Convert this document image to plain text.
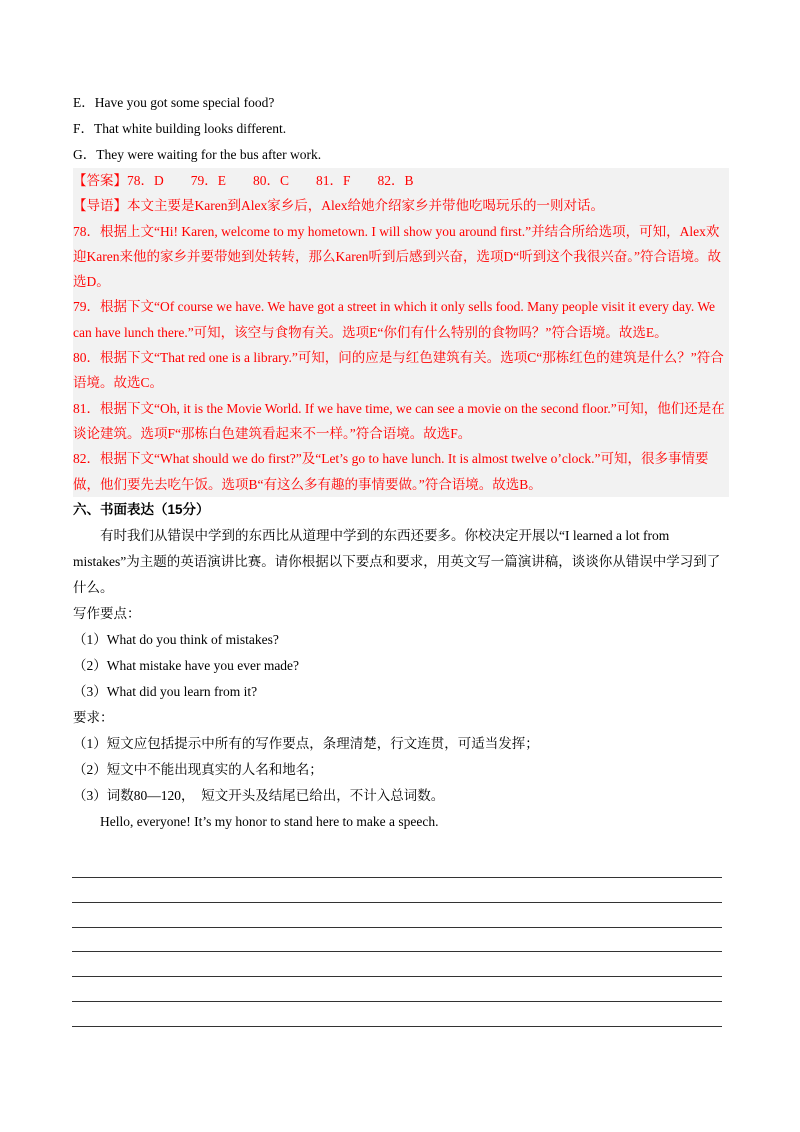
E．Have you got some special food?

F．That white building looks different.

G．They were waiting for the bus after work.

【答案】78．D　　79．E　　80．C　　81．F　　82．B

【导语】本文主要是Karen到Alex家乡后，Alex给她介绍家乡并带他吃喝玩乐的一则对话。

78．根据上文“Hi! Karen, welcome to my hometown. I will show you around first.”并结合所给选项，可知，Alex欢迎Karen来他的家乡并要带她到处转转，那么Karen听到后感到兴奋，选项D“听到这个我很兴奋。”符合语境。故选D。

79．根据下文“Of course we have. We have got a street in which it only sells food. Many people visit it every day. We can have lunch there.”可知，该空与食物有关。选项E“你们有什么特别的食物吗？”符合语境。故选E。

80．根据下文“That red one is a library.”可知，问的应是与红色建筑有关。选项C“那栋红色的建筑是什么？”符合语境。故选C。

81．根据下文“Oh, it is the Movie World. If we have time, we can see a movie on the second floor.”可知，他们还是在谈论建筑。选项F“那栋白色建筑看起来不一样。”符合语境。故选F。

82．根据下文“What should we do first?”及“Let’s go to have lunch. It is almost twelve o’clock.”可知，很多事情要做，他们要先去吃午饭。选项B“有这么多有趣的事情要做。”符合语境。故选B。

六、书面表达（15分）

有时我们从错误中学到的东西比从道理中学到的东西还要多。你校决定开展以“I learned a lot from mistakes”为主题的英语演讲比赛。请你根据以下要点和要求，用英文写一篇演讲稿，谈谈你从错误中学习到了什么。

写作要点：

（1）What do you think of mistakes?

（2）What mistake have you ever made?

（3）What did you learn from it?

要求：

（1）短文应包括提示中所有的写作要点，条理清楚，行文连贯，可适当发挥；

（2）短文中不能出现真实的人名和地名；

（3）词数80—120，　短文开头及结尾已给出，不计入总词数。

Hello, everyone! It’s my honor to stand here to make a speech.
